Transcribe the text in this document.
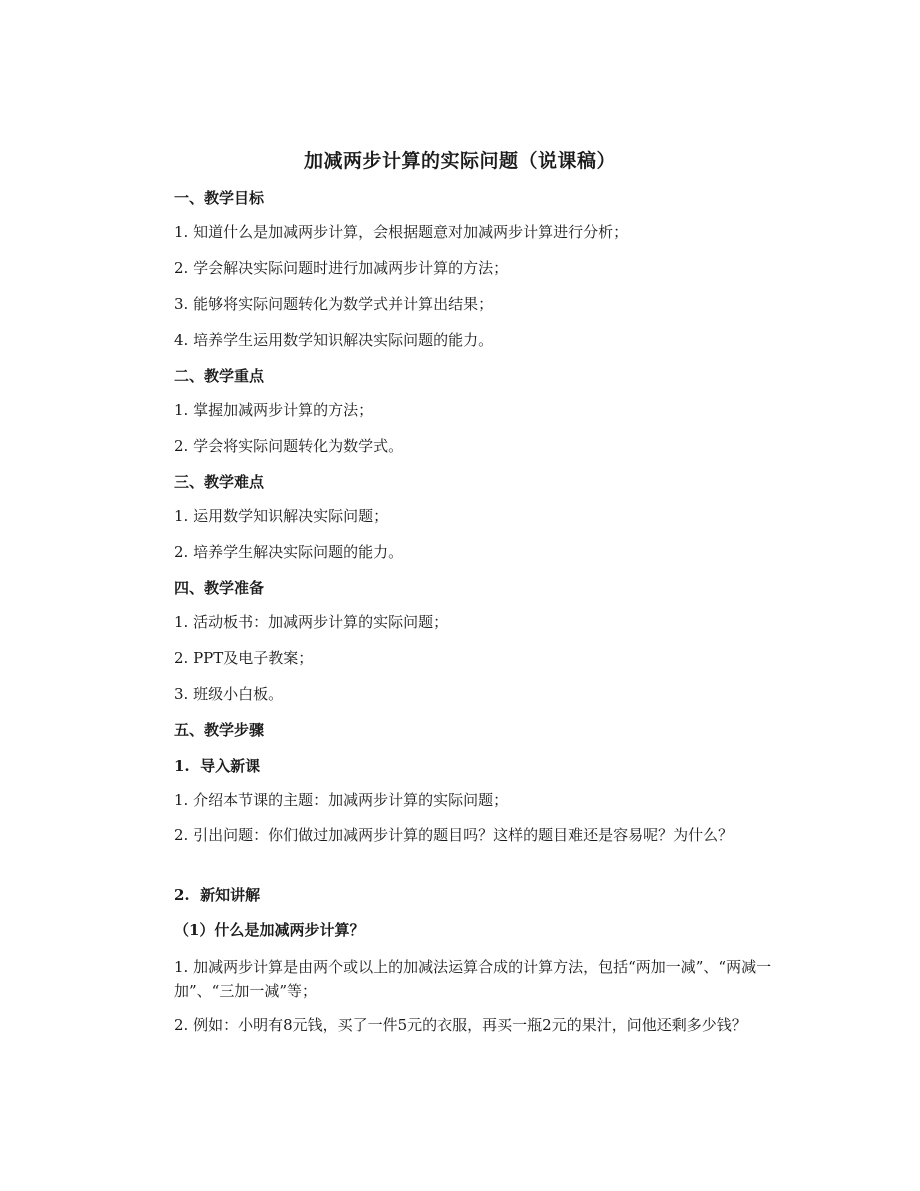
加减两步计算的实际问题（说课稿）
一、教学目标
1. 知道什么是加减两步计算，会根据题意对加减两步计算进行分析；
2. 学会解决实际问题时进行加减两步计算的方法；
3. 能够将实际问题转化为数学式并计算出结果；
4. 培养学生运用数学知识解决实际问题的能力。
二、教学重点
1. 掌握加减两步计算的方法；
2. 学会将实际问题转化为数学式。
三、教学难点
1. 运用数学知识解决实际问题；
2. 培养学生解决实际问题的能力。
四、教学准备
1. 活动板书：加减两步计算的实际问题；
2. PPT及电子教案；
3. 班级小白板。
五、教学步骤
1.  导入新课
1. 介绍本节课的主题：加减两步计算的实际问题；
2. 引出问题：你们做过加减两步计算的题目吗？这样的题目难还是容易呢？为什么？
2.  新知讲解
（1）什么是加减两步计算？
1. 加减两步计算是由两个或以上的加减法运算合成的计算方法，包括“两加一减”、“两减一加”、“三加一减”等；
2. 例如：小明有8元钱，买了一件5元的衣服，再买一瓶2元的果汁，问他还剩多少钱？
